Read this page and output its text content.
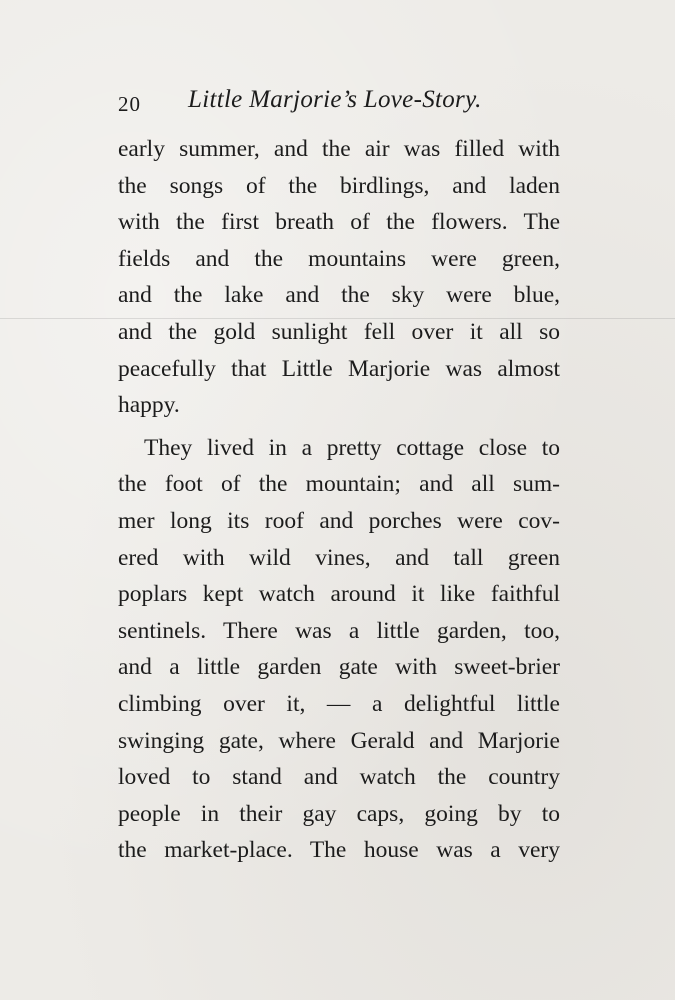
20 Little Marjorie’s Love-Story.
early summer, and the air was filled with
the songs of the birdlings, and laden
with the first breath of the flowers. The
fields and the mountains were green,
and the lake and the sky were blue,
and the gold sunlight fell over it all so
peacefully that Little Marjorie was almost
happy.
They lived in a pretty cottage close to
the foot of the mountain; and all sum-
mer long its roof and porches were cov-
ered with wild vines, and tall green
poplars kept watch around it like faithful
sentinels. There was a little garden, too,
and a little garden gate with sweet-brier
climbing over it, — a delightful little
swinging gate, where Gerald and Marjorie
loved to stand and watch the country
people in their gay caps, going by to
the market-place. The house was a very
